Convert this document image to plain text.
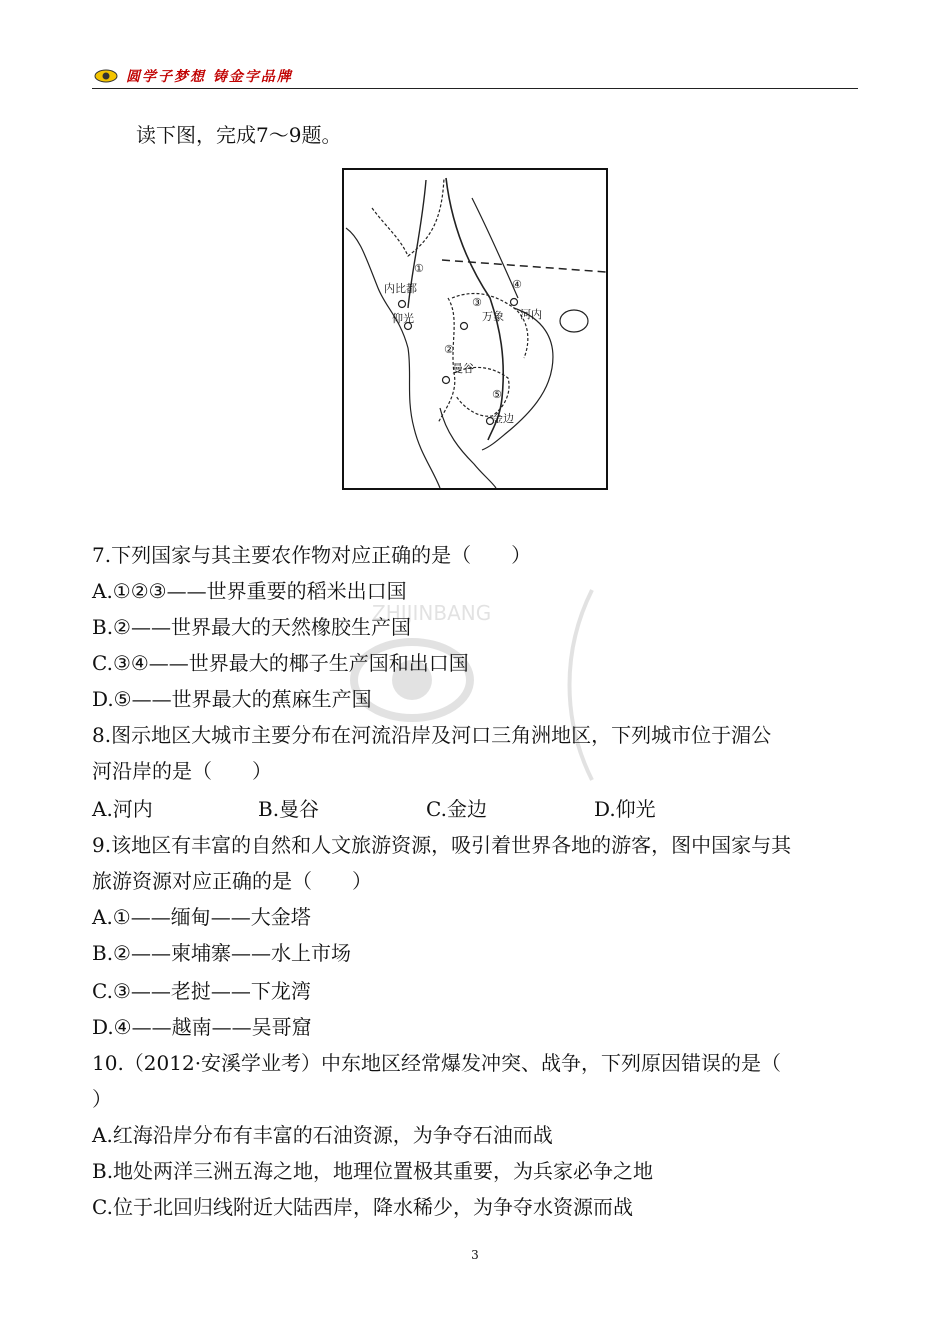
圆学子梦想 铸金字品牌
读下图，完成7～9题。
①
内比都
仰光
③
④
万象 河内
②
曼谷
⑤
金边
ZHIJINBANG
7.下列国家与其主要农作物对应正确的是（　　）
A.①②③——世界重要的稻米出口国
B.②——世界最大的天然橡胶生产国
C.③④——世界最大的椰子生产国和出口国
D.⑤——世界最大的蕉麻生产国
8.图示地区大城市主要分布在河流沿岸及河口三角洲地区，下列城市位于湄公
河沿岸的是（　　）
A.河内	B.曼谷	C.金边	D.仰光
9.该地区有丰富的自然和人文旅游资源，吸引着世界各地的游客，图中国家与其
旅游资源对应正确的是（　　）
A.①——缅甸——大金塔
B.②——柬埔寨——水上市场
C.③——老挝——下龙湾
D.④——越南——吴哥窟
10.（2012·安溪学业考）中东地区经常爆发冲突、战争，下列原因错误的是（
）
A.红海沿岸分布有丰富的石油资源，为争夺石油而战
B.地处两洋三洲五海之地，地理位置极其重要，为兵家必争之地
C.位于北回归线附近大陆西岸，降水稀少，为争夺水资源而战
3
